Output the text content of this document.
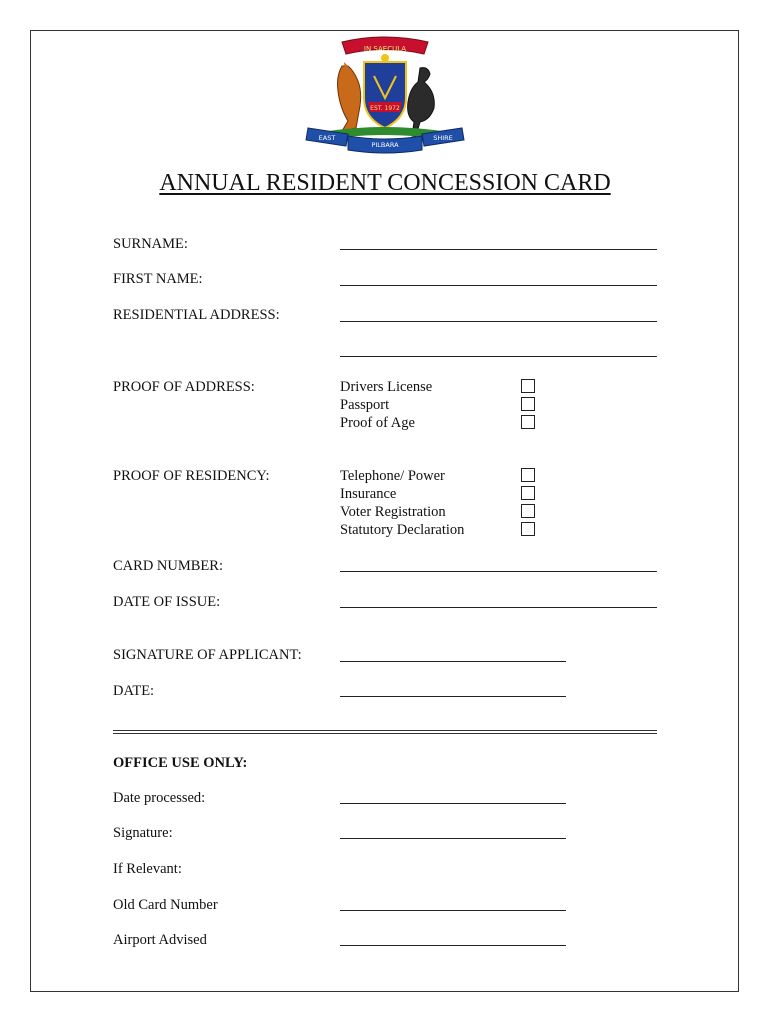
IN SAECULA
EST. 1972
EAST
PILBARA
SHIRE
ANNUAL RESIDENT CONCESSION CARD
SURNAME:
FIRST NAME:
RESIDENTIAL ADDRESS:
PROOF OF ADDRESS:	Drivers License
Passport
Proof of Age
PROOF OF RESIDENCY:	Telephone/ Power
Insurance
Voter Registration
Statutory Declaration
CARD NUMBER:
DATE OF ISSUE:
SIGNATURE OF APPLICANT:
DATE:
OFFICE USE ONLY:
Date processed:
Signature:
If Relevant:
Old Card Number
Airport Advised
